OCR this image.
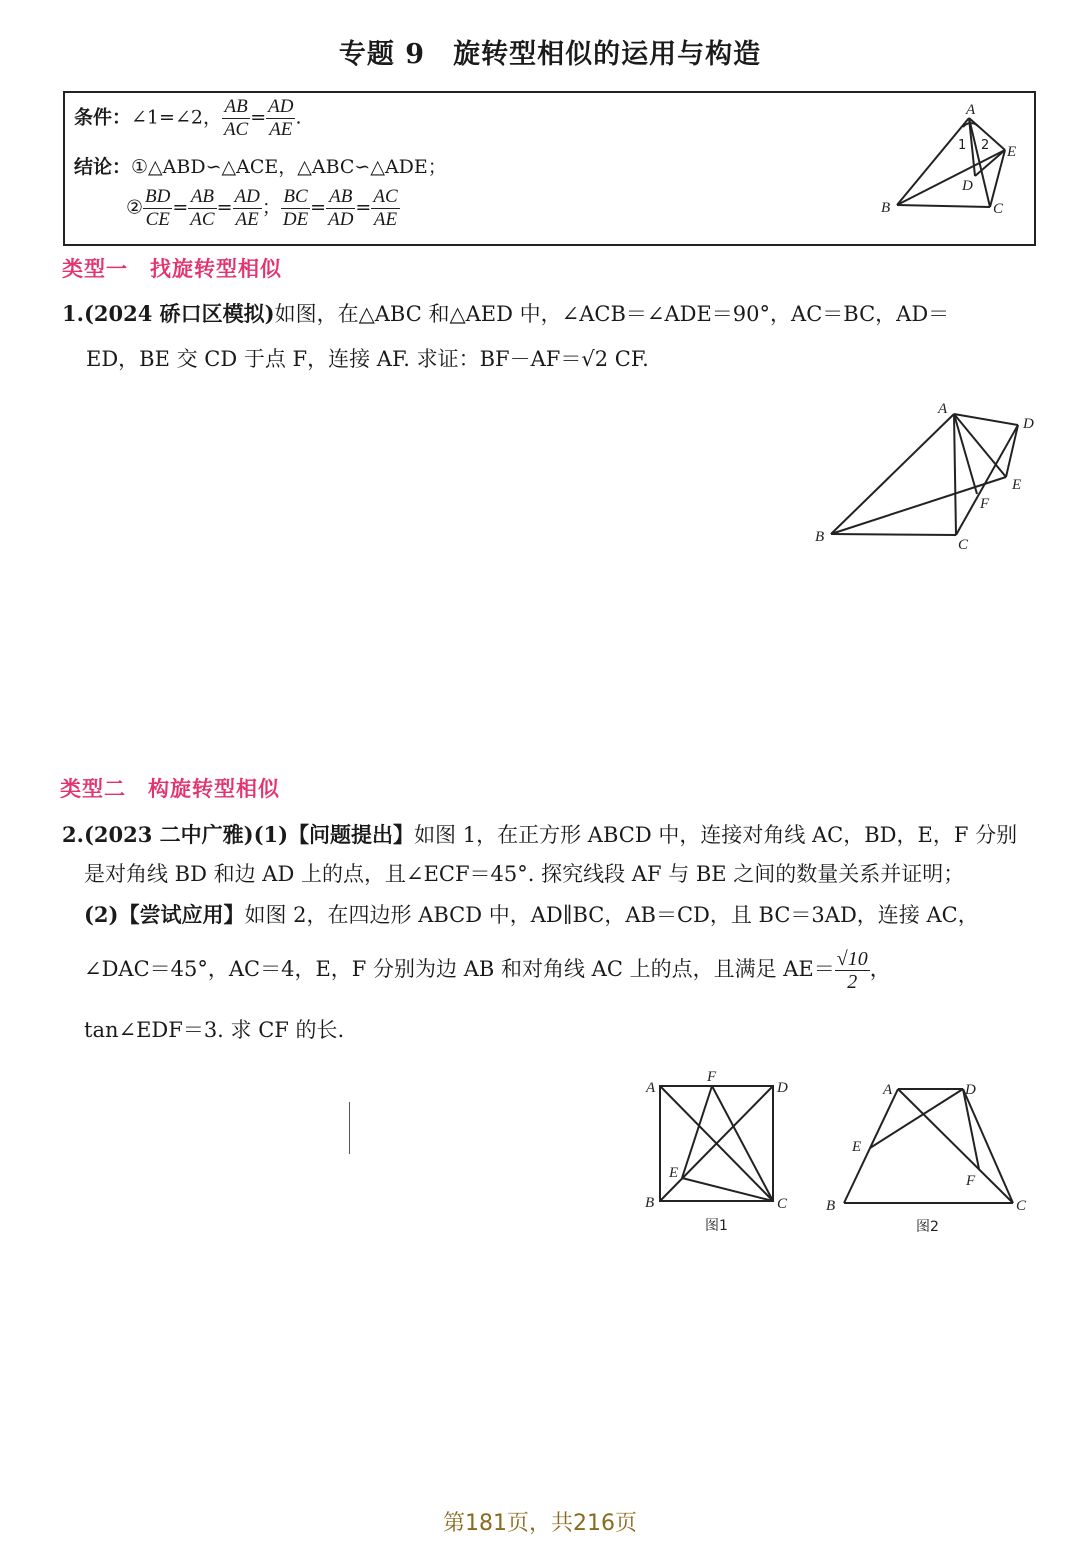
专题 9　旋转型相似的运用与构造
条件：∠1=∠2， $\frac{AB}{AC} = \frac{AD}{AE}$ .
结论：①△ABD∽△ACE，△ABC∽△ADE；
② $\frac{BD}{CE} = \frac{AB}{AC} = \frac{AD}{AE}$ ； $\frac{BC}{DE} = \frac{AB}{AD} = \frac{AC}{AE}$
A
B	C
D
E
1 2
类型一　找旋转型相似
1.(2024 硚口区模拟)如图，在△ABC 和△AED 中，∠ACB＝∠ADE＝90°，AC＝BC，AD＝
ED，BE 交 CD 于点 F，连接 AF. 求证：BF－AF＝√2 CF.
A
B	C
D
E
F
类型二　构旋转型相似
2.(2023 二中广雅)(1)【问题提出】如图 1，在正方形 ABCD 中，连接对角线 AC，BD，E，F 分别
是对角线 BD 和边 AD 上的点，且∠ECF＝45°. 探究线段 AF 与 BE 之间的数量关系并证明；
(2)【尝试应用】如图 2，在四边形 ABCD 中，AD∥BC，AB＝CD，且 BC＝3AD，连接 AC，
∠DAC＝45°，AC＝4，E，F 分别为边 AB 和对角线 AC 上的点，且满足 $AE= \frac{√10}{2}$ ，
tan∠EDF＝3. 求 CF 的长.
A
F
D
E
B	C
图1
A	D
E
F
B	C
图2
第181页，共216页
